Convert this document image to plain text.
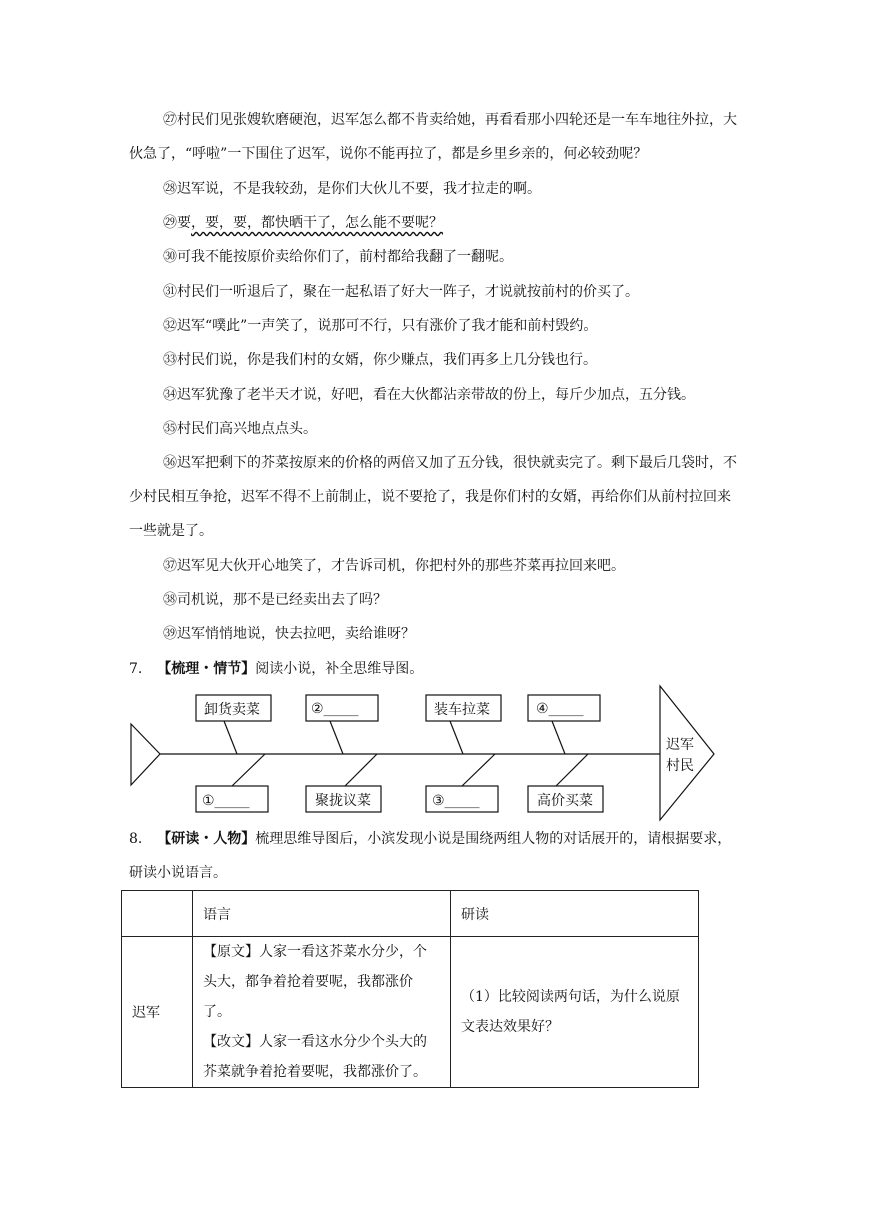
㉗村民们见张嫂软磨硬泡，迟军怎么都不肯卖给她，再看看那小四轮还是一车车地往外拉，大伙急了，“呼啦”一下围住了迟军，说你不能再拉了，都是乡里乡亲的，何必较劲呢？

㉘迟军说，不是我较劲，是你们大伙儿不要，我才拉走的啊。

㉙要，要，要，都快晒干了，怎么能不要呢？

㉚可我不能按原价卖给你们了，前村都给我翻了一翻呢。

㉛村民们一听退后了，聚在一起私语了好大一阵子，才说就按前村的价买了。

㉜迟军“噗此”一声笑了，说那可不行，只有涨价了我才能和前村毁约。

㉝村民们说，你是我们村的女婿，你少赚点，我们再多上几分钱也行。

㉞迟军犹豫了老半天才说，好吧，看在大伙都沾亲带故的份上，每斤少加点，五分钱。

㉟村民们高兴地点点头。

㊱迟军把剩下的芥菜按原来的价格的两倍又加了五分钱，很快就卖完了。剩下最后几袋时，不少村民相互争抢，迟军不得不上前制止，说不要抢了，我是你们村的女婿，再给你们从前村拉回来一些就是了。

㊲迟军见大伙开心地笑了，才告诉司机，你把村外的那些芥菜再拉回来吧。

㊳司机说，那不是已经卖出去了吗？

㊴迟军悄悄地说，快去拉吧，卖给谁呀？

7. 【梳理・情节】阅读小说，补全思维导图。

卸货卖菜	②_____	装车拉菜	④_____
①_____	聚拢议菜	③_____	高价买菜
迟军
村民

8. 【研读・人物】梳理思维导图后，小滨发现小说是围绕两组人物的对话展开的，请根据要求，研读小说语言。

	语言	研读
迟军	【原文】人家一看这芥菜水分少，个头大，都争着抢着要呢，我都涨价了。
【改文】人家一看这水分少个头大的芥菜就争着抢着要呢，我都涨价了。	（1）比较阅读两句话，为什么说原文表达效果好？
